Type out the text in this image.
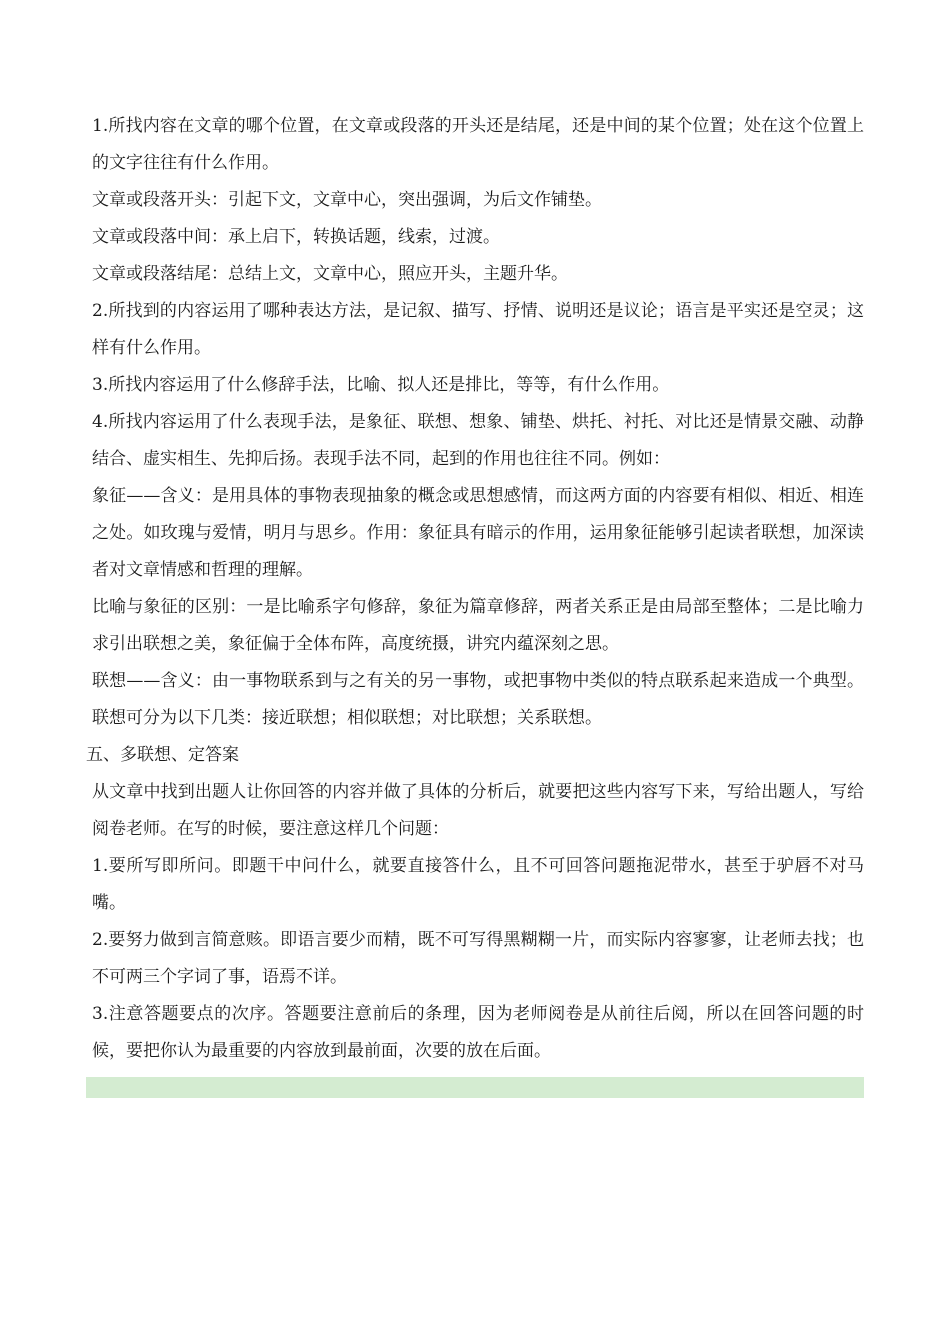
1.所找内容在文章的哪个位置，在文章或段落的开头还是结尾，还是中间的某个位置；处在这个位置上的文字往往有什么作用。

文章或段落开头：引起下文，文章中心，突出强调，为后文作铺垫。

文章或段落中间：承上启下，转换话题，线索，过渡。

文章或段落结尾：总结上文，文章中心，照应开头，主题升华。

2.所找到的内容运用了哪种表达方法，是记叙、描写、抒情、说明还是议论；语言是平实还是空灵；这样有什么作用。

3.所找内容运用了什么修辞手法，比喻、拟人还是排比，等等，有什么作用。

4.所找内容运用了什么表现手法，是象征、联想、想象、铺垫、烘托、衬托、对比还是情景交融、动静结合、虚实相生、先抑后扬。表现手法不同，起到的作用也往往不同。例如：

象征——含义：是用具体的事物表现抽象的概念或思想感情，而这两方面的内容要有相似、相近、相连之处。如玫瑰与爱情，明月与思乡。作用：象征具有暗示的作用，运用象征能够引起读者联想，加深读者对文章情感和哲理的理解。

比喻与象征的区别：一是比喻系字句修辞，象征为篇章修辞，两者关系正是由局部至整体；二是比喻力求引出联想之美，象征偏于全体布阵，高度统摄，讲究内蕴深刻之思。

联想——含义：由一事物联系到与之有关的另一事物，或把事物中类似的特点联系起来造成一个典型。联想可分为以下几类：接近联想；相似联想；对比联想；关系联想。

五、多联想、定答案

从文章中找到出题人让你回答的内容并做了具体的分析后，就要把这些内容写下来，写给出题人，写给阅卷老师。在写的时候，要注意这样几个问题：

1.要所写即所问。即题干中问什么，就要直接答什么，且不可回答问题拖泥带水，甚至于驴唇不对马嘴。

2.要努力做到言简意赅。即语言要少而精，既不可写得黑糊糊一片，而实际内容寥寥，让老师去找；也不可两三个字词了事，语焉不详。

3.注意答题要点的次序。答题要注意前后的条理，因为老师阅卷是从前往后阅，所以在回答问题的时候，要把你认为最重要的内容放到最前面，次要的放在后面。
